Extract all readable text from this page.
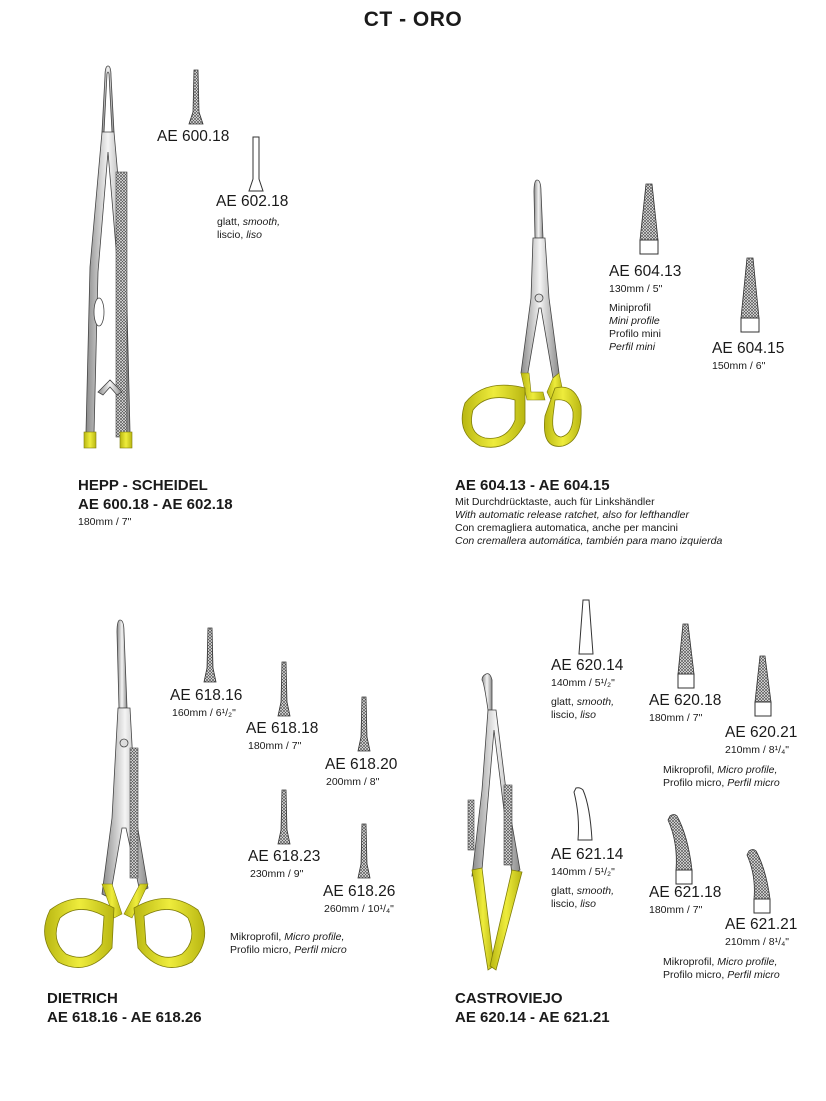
CT - ORO
AE 600.18
AE 602.18
glatt, smooth,
liscio, liso
HEPP - SCHEIDEL
AE 600.18 - AE 602.18
180mm / 7"
AE 604.13
130mm / 5"
Miniprofil
Mini profile
Profilo mini
Perfil mini	AE 604.15
150mm / 6"
AE 604.13 - AE 604.15
Mit Durchdrücktaste, auch für Linkshändler
With automatic release ratchet, also for lefthandler
Con cremagliera automatica, anche per mancini
Con cremallera automática, también para mano izquierda
AE 618.16
160mm / 6¹/₂"
AE 618.18
180mm / 7"
AE 618.20
200mm / 8"
AE 618.23
230mm / 9"
AE 618.26
260mm / 10¹/₄"
Mikroprofil, Micro profile,
Profilo micro, Perfil micro
DIETRICH
AE 618.16 - AE 618.26
AE 620.14
140mm / 5¹/₂"
glatt, smooth,
liscio, liso
AE 620.18
180mm / 7"
AE 620.21
210mm / 8¹/₄"
Mikroprofil, Micro profile,
Profilo micro, Perfil micro
AE 621.14
140mm / 5¹/₂"
glatt, smooth,
liscio, liso
AE 621.18
180mm / 7"
AE 621.21
210mm / 8¹/₄"
Mikroprofil, Micro profile,
Profilo micro, Perfil micro
CASTROVIEJO
AE 620.14 - AE 621.21
